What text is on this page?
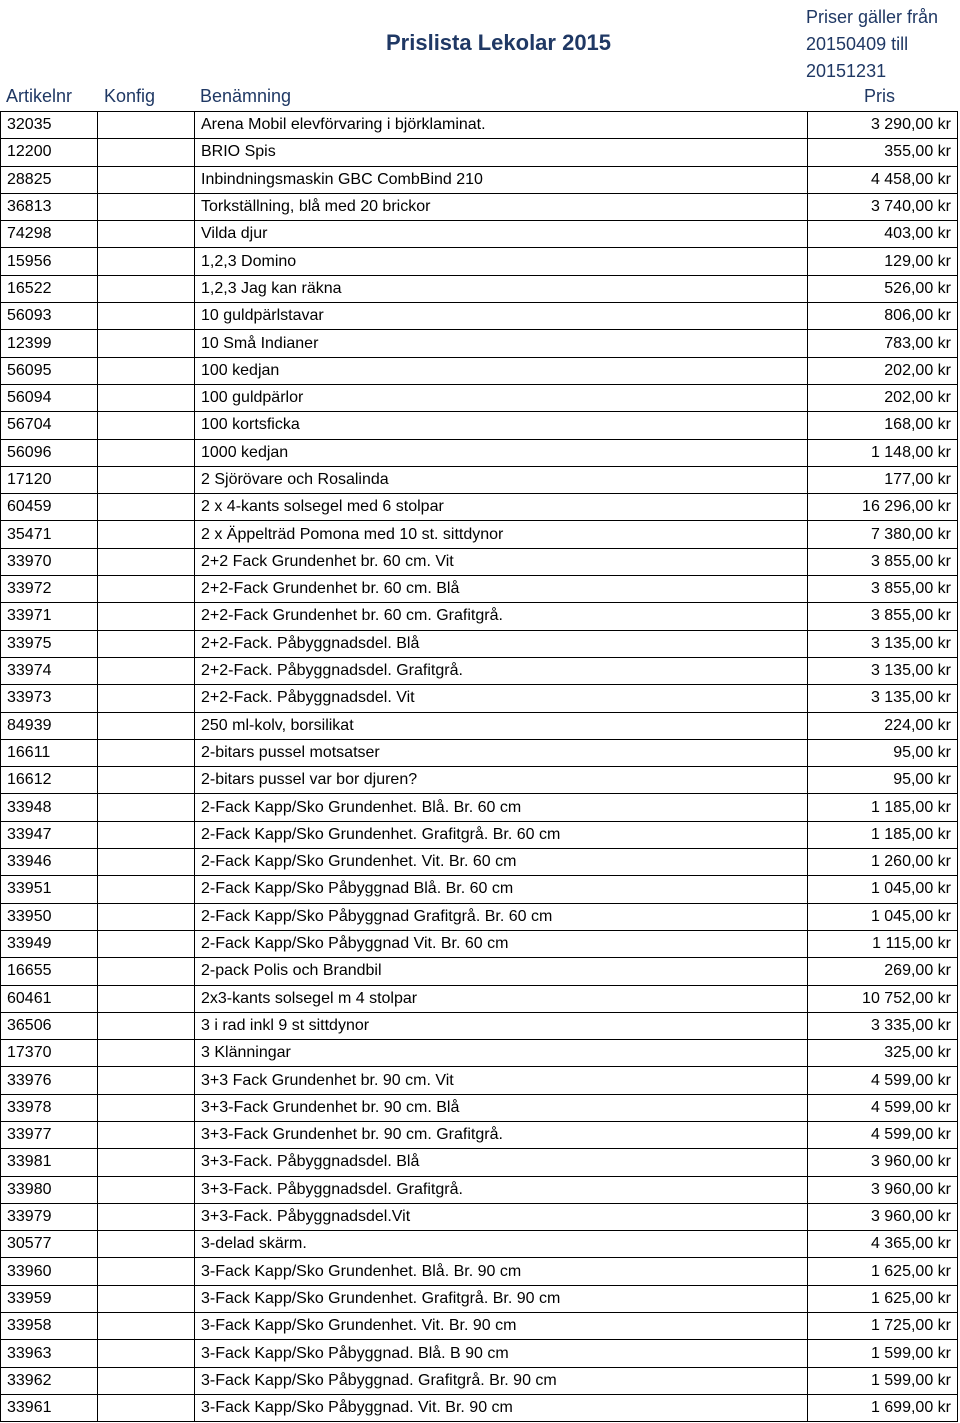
Prislista Lekolar 2015
Priser gäller från
20150409 till
20151231
Artikelnr Konfig Benämning	Pris
32035		Arena Mobil elevförvaring i björklaminat.	3 290,00 kr
12200		BRIO Spis	355,00 kr
28825		Inbindningsmaskin GBC CombBind 210	4 458,00 kr
36813		Torkställning, blå med 20 brickor	3 740,00 kr
74298		Vilda djur	403,00 kr
15956		1,2,3 Domino	129,00 kr
16522		1,2,3 Jag kan räkna	526,00 kr
56093		10 guldpärlstavar	806,00 kr
12399		10 Små Indianer	783,00 kr
56095		100 kedjan	202,00 kr
56094		100 guldpärlor	202,00 kr
56704		100 kortsficka	168,00 kr
56096		1000 kedjan	1 148,00 kr
17120		2 Sjörövare och Rosalinda	177,00 kr
60459		2 x 4-kants solsegel med 6 stolpar	16 296,00 kr
35471		2 x Äppelträd Pomona med 10 st. sittdynor	7 380,00 kr
33970		2+2 Fack Grundenhet br. 60 cm. Vit	3 855,00 kr
33972		2+2-Fack Grundenhet br. 60 cm. Blå	3 855,00 kr
33971		2+2-Fack Grundenhet br. 60 cm. Grafitgrå.	3 855,00 kr
33975		2+2-Fack. Påbyggnadsdel. Blå	3 135,00 kr
33974		2+2-Fack. Påbyggnadsdel. Grafitgrå.	3 135,00 kr
33973		2+2-Fack. Påbyggnadsdel. Vit	3 135,00 kr
84939		250 ml-kolv, borsilikat	224,00 kr
16611		2-bitars pussel motsatser	95,00 kr
16612		2-bitars pussel var bor djuren?	95,00 kr
33948		2-Fack Kapp/Sko Grundenhet. Blå. Br. 60 cm	1 185,00 kr
33947		2-Fack Kapp/Sko Grundenhet. Grafitgrå. Br. 60 cm	1 185,00 kr
33946		2-Fack Kapp/Sko Grundenhet. Vit. Br. 60 cm	1 260,00 kr
33951		2-Fack Kapp/Sko Påbyggnad Blå. Br. 60 cm	1 045,00 kr
33950		2-Fack Kapp/Sko Påbyggnad Grafitgrå. Br. 60 cm	1 045,00 kr
33949		2-Fack Kapp/Sko Påbyggnad Vit. Br. 60 cm	1 115,00 kr
16655		2-pack Polis och Brandbil	269,00 kr
60461		2x3-kants solsegel m 4 stolpar	10 752,00 kr
36506		3 i rad inkl 9 st sittdynor	3 335,00 kr
17370		3 Klänningar	325,00 kr
33976		3+3 Fack Grundenhet br. 90 cm. Vit	4 599,00 kr
33978		3+3-Fack Grundenhet br. 90 cm. Blå	4 599,00 kr
33977		3+3-Fack Grundenhet br. 90 cm. Grafitgrå.	4 599,00 kr
33981		3+3-Fack. Påbyggnadsdel. Blå	3 960,00 kr
33980		3+3-Fack. Påbyggnadsdel. Grafitgrå.	3 960,00 kr
33979		3+3-Fack. Påbyggnadsdel.Vit	3 960,00 kr
30577		3-delad skärm.	4 365,00 kr
33960		3-Fack Kapp/Sko Grundenhet. Blå. Br. 90 cm	1 625,00 kr
33959		3-Fack Kapp/Sko Grundenhet. Grafitgrå. Br. 90 cm	1 625,00 kr
33958		3-Fack Kapp/Sko Grundenhet. Vit. Br. 90 cm	1 725,00 kr
33963		3-Fack Kapp/Sko Påbyggnad. Blå. B 90 cm	1 599,00 kr
33962		3-Fack Kapp/Sko Påbyggnad. Grafitgrå. Br. 90 cm	1 599,00 kr
33961		3-Fack Kapp/Sko Påbyggnad. Vit. Br. 90 cm	1 699,00 kr
